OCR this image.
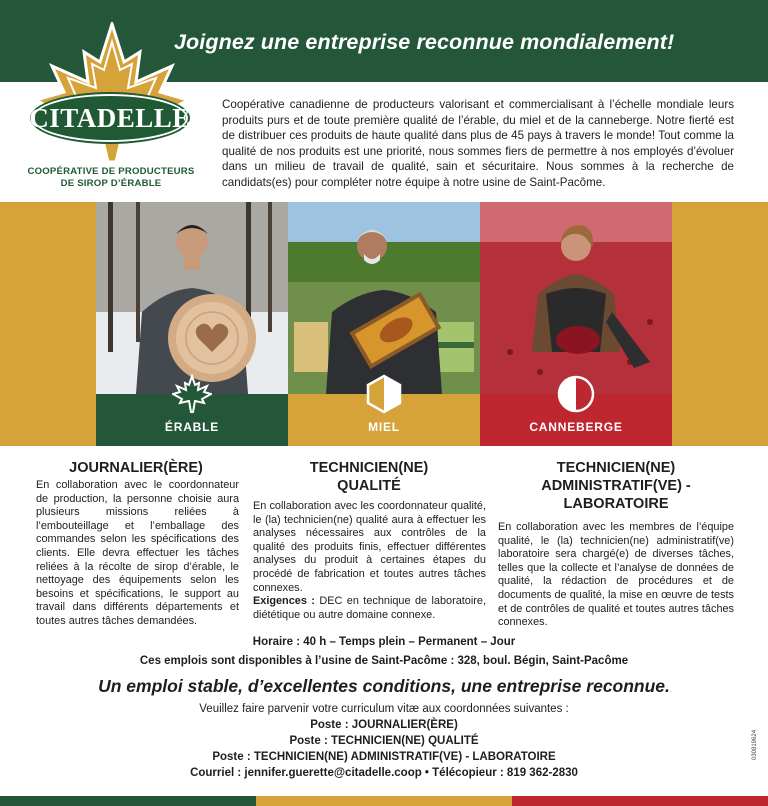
Joignez une entreprise reconnue mondialement!
CITADELLE
COOPÉRATIVE DE PRODUCTEURS
DE SIROP D’ÉRABLE
Coopérative canadienne de producteurs valorisant et commercialisant à l’échelle mondiale leurs produits purs et de toute première qualité de l’érable, du miel et de la canneberge. Notre fierté est de distribuer ces produits de haute qualité dans plus de 45 pays à travers le monde! Tout comme la qualité de nos produits est une priorité, nous sommes fiers de permettre à nos employés d’évoluer dans un milieu de travail de qualité, sain et sécuritaire. Nous sommes à la recherche de candidats(es) pour compléter notre équipe à notre usine de Saint-Pacôme.
ÉRABLE	MIEL	CANNEBERGE
JOURNALIER(ÈRE)
En collaboration avec le coordonnateur de production, la personne choisie aura plusieurs missions reliées à l’embouteillage et l’emballage des commandes selon les spécifications des clients. Elle devra effectuer les tâches reliées à la récolte de sirop d’érable, le nettoyage des équipements selon les besoins et spécifications, le support au travail dans différents départements et toutes autres tâches demandées.
TECHNICIEN(NE)
QUALITÉ
En collaboration avec les coordonnateur qualité, le (la) technicien(ne) qualité aura à effectuer les analyses nécessaires aux contrôles de la qualité des produits finis, effectuer différentes analyses du produit à certaines étapes du procédé de fabrication et toutes autres tâches connexes.
Exigences : DEC en technique de laboratoire, diététique ou autre domaine connexe.
TECHNICIEN(NE)
ADMINISTRATIF(VE) -
LABORATOIRE
En collaboration avec les membres de l’équipe qualité, le (la) technicien(ne) administratif(ve) laboratoire sera chargé(e) de diverses tâches, telles que la collecte et l’analyse de données de qualité, la rédaction de procédures et de documents de qualité, la mise en œuvre de tests et de contrôles de qualité et toutes autres tâches connexes.
Horaire : 40 h – Temps plein – Permanent – Jour
Ces emplois sont disponibles à l’usine de Saint-Pacôme : 328, boul. Bégin, Saint-Pacôme
Un emploi stable, d’excellentes conditions, une entreprise reconnue.
Veuillez faire parvenir votre curriculum vitæ aux coordonnées suivantes :
Poste : JOURNALIER(ÈRE)
Poste : TECHNICIEN(NE) QUALITÉ
Poste : TECHNICIEN(NE) ADMINISTRATIF(VE) - LABORATOIRE
Courriel : jennifer.guerette@citadelle.coop • Télécopieur : 819 362-2830
030819624
